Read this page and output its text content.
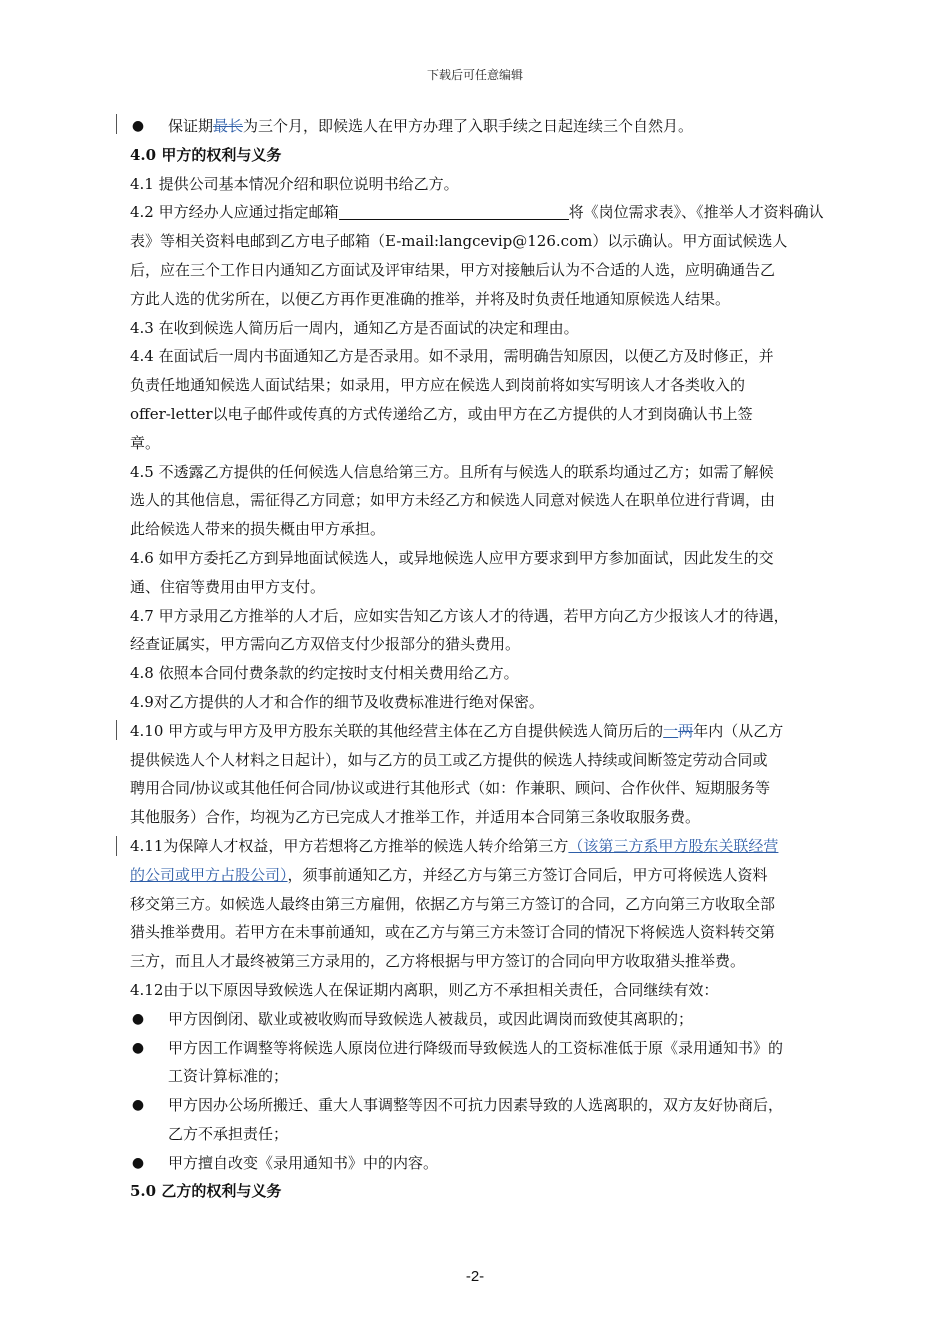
下载后可任意编辑
● 保证期最长为三个月，即候选人在甲方办理了入职手续之日起连续三个自然月。
4.0 甲方的权利与义务
4.1 提供公司基本情况介绍和职位说明书给乙方。
4.2 甲方经办人应通过指定邮箱	将《岗位需求表》、《推举人才资料确认
表》等相关资料电邮到乙方电子邮箱（E-mail:langcevip@126.com）以示确认。甲方面试候选人
后，应在三个工作日内通知乙方面试及评审结果，甲方对接触后认为不合适的人选，应明确通告乙
方此人选的优劣所在，以便乙方再作更准确的推举，并将及时负责任地通知原候选人结果。
4.3 在收到候选人简历后一周内，通知乙方是否面试的决定和理由。
4.4 在面试后一周内书面通知乙方是否录用。如不录用，需明确告知原因，以便乙方及时修正，并
负责任地通知候选人面试结果；如录用，甲方应在候选人到岗前将如实写明该人才各类收入的
offer-letter以电子邮件或传真的方式传递给乙方，或由甲方在乙方提供的人才到岗确认书上签
章。
4.5 不透露乙方提供的任何候选人信息给第三方。且所有与候选人的联系均通过乙方；如需了解候
选人的其他信息，需征得乙方同意；如甲方未经乙方和候选人同意对候选人在职单位进行背调，由
此给候选人带来的损失概由甲方承担。
4.6 如甲方委托乙方到异地面试候选人，或异地候选人应甲方要求到甲方参加面试，因此发生的交
通、住宿等费用由甲方支付。
4.7 甲方录用乙方推举的人才后，应如实告知乙方该人才的待遇，若甲方向乙方少报该人才的待遇，
经查证属实，甲方需向乙方双倍支付少报部分的猎头费用。
4.8 依照本合同付费条款的约定按时支付相关费用给乙方。
4.9对乙方提供的人才和合作的细节及收费标准进行绝对保密。
4.10 甲方或与甲方及甲方股东关联的其他经营主体在乙方自提供候选人简历后的一两年内（从乙方
提供候选人个人材料之日起计），如与乙方的员工或乙方提供的候选人持续或间断签定劳动合同或
聘用合同/协议或其他任何合同/协议或进行其他形式（如：作兼职、顾问、合作伙伴、短期服务等
其他服务）合作，均视为乙方已完成人才推举工作，并适用本合同第三条收取服务费。
4.11为保障人才权益，甲方若想将乙方推举的候选人转介给第三方（该第三方系甲方股东关联经营
的公司或甲方占股公司），须事前通知乙方，并经乙方与第三方签订合同后，甲方可将候选人资料
移交第三方。如候选人最终由第三方雇佣，依据乙方与第三方签订的合同，乙方向第三方收取全部
猎头推举费用。若甲方在未事前通知，或在乙方与第三方未签订合同的情况下将候选人资料转交第
三方，而且人才最终被第三方录用的，乙方将根据与甲方签订的合同向甲方收取猎头推举费。
4.12由于以下原因导致候选人在保证期内离职，则乙方不承担相关责任，合同继续有效：
● 甲方因倒闭、歇业或被收购而导致候选人被裁员，或因此调岗而致使其离职的；
● 甲方因工作调整等将候选人原岗位进行降级而导致候选人的工资标准低于原《录用通知书》的
工资计算标准的；
● 甲方因办公场所搬迁、重大人事调整等因不可抗力因素导致的人选离职的，双方友好协商后，
乙方不承担责任；
● 甲方擅自改变《录用通知书》中的内容。
5.0 乙方的权利与义务
-2-
